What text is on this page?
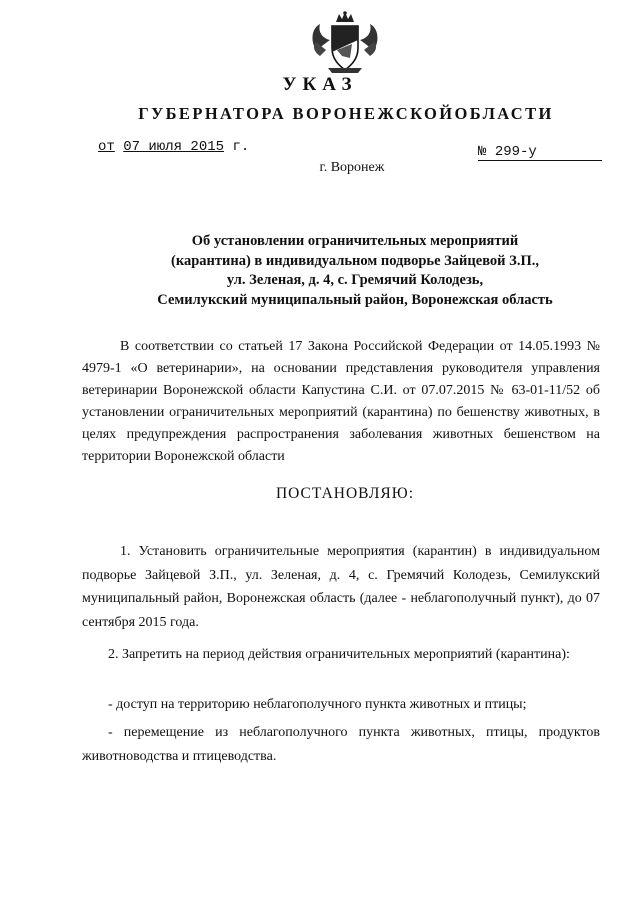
УКАЗ
ГУБЕРНАТОРА ВОРОНЕЖСКОЙОБЛАСТИ
от 07 июля 2015 г.	№ 299-у
г. Воронеж
Об установлении ограничительных мероприятий
(карантина) в индивидуальном подворье Зайцевой З.П.,
ул. Зеленая, д. 4, с. Гремячий Колодезь,
Семилукский муниципальный район, Воронежская область
В соответствии со статьей 17 Закона Российской Федерации от 14.05.1993 № 4979-1 «О ветеринарии», на основании представления руководителя управления ветеринарии Воронежской области Капустина С.И. от 07.07.2015 № 63-01-11/52 об установлении ограничительных мероприятий (карантина) по бешенству животных, в целях предупреждения распространения заболевания животных бешенством на территории Воронежской области
ПОСТАНОВЛЯЮ:
1. Установить ограничительные мероприятия (карантин) в индивидуальном подворье Зайцевой З.П., ул. Зеленая, д. 4, с. Гремячий Колодезь, Семилукский муниципальный район, Воронежская область (далее - неблагополучный пункт), до 07 сентября 2015 года.
2. Запретить на период действия ограничительных мероприятий (карантина):
- доступ на территорию неблагополучного пункта животных и птицы;
- перемещение из неблагополучного пункта животных, птицы, продуктов животноводства и птицеводства.
